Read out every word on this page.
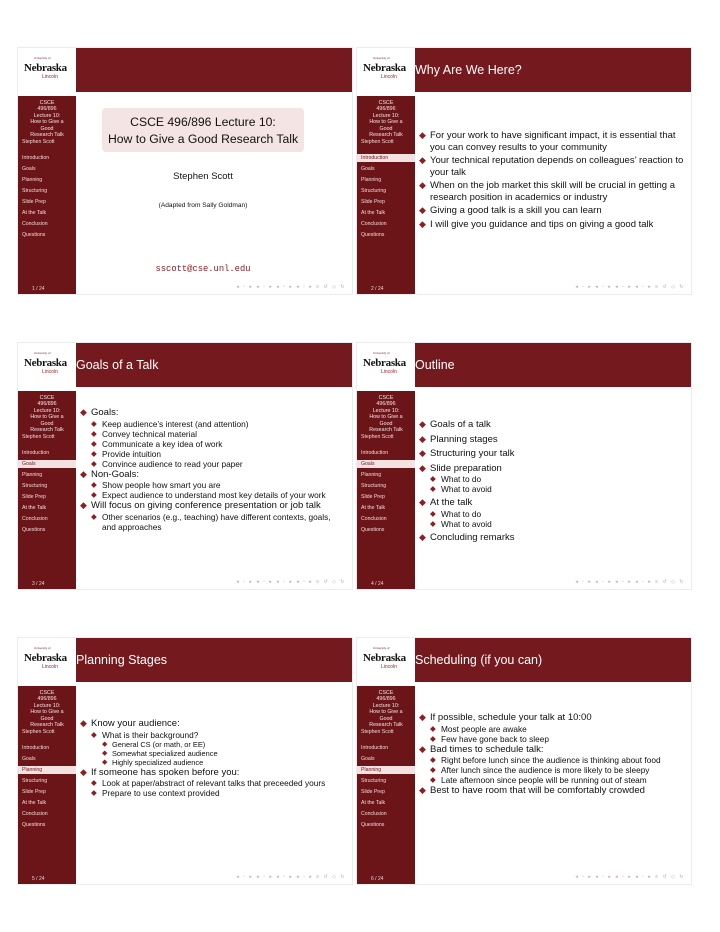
University of
Nebraska
Lincoln
CSCE
496/896
Lecture 10:
How to Give a
Good
Research Talk
Stephen Scott
Introduction
Goals
Planning
Structuring
Slide Prep
At the Talk
Conclusion
Questions
1 / 24
CSCE 496/896 Lecture 10:
How to Give a Good Research Talk
Stephen Scott
(Adapted from Sally Goldman)
sscott@cse.unl.edu
◂ ▫ ▸ ◂ ▫ ▸ ◂ ▫ ▸ ◂ ▫ ▸ ≡ ↺ ◇ ↻
University of
Nebraska
Lincoln
CSCE
496/896
Lecture 10:
How to Give a
Good
Research Talk
Stephen Scott
Introduction
Goals
Planning
Structuring
Slide Prep
At the Talk
Conclusion
Questions
2 / 24
Why Are We Here?
◆ For your work to have significant impact, it is essential that you can convey results to your community
◆ Your technical reputation depends on colleagues’ reaction to your talk
◆ When on the job market this skill will be crucial in getting a research position in academics or industry
◆ Giving a good talk is a skill you can learn
◆ I will give you guidance and tips on giving a good talk
◂ ▫ ▸ ◂ ▫ ▸ ◂ ▫ ▸ ◂ ▫ ▸ ≡ ↺ ◇ ↻
University of
Nebraska
Lincoln
CSCE
496/896
Lecture 10:
How to Give a
Good
Research Talk
Stephen Scott
Introduction
Goals
Planning
Structuring
Slide Prep
At the Talk
Conclusion
Questions
3 / 24
Goals of a Talk
◆ Goals:
◆ Keep audience’s interest (and attention)
◆ Convey technical material
◆ Communicate a key idea of work
◆ Provide intuition
◆ Convince audience to read your paper
◆ Non-Goals:
◆ Show people how smart you are
◆ Expect audience to understand most key details of your work
◆ Will focus on giving conference presentation or job talk
◆ Other scenarios (e.g., teaching) have different contexts, goals, and approaches
◂ ▫ ▸ ◂ ▫ ▸ ◂ ▫ ▸ ◂ ▫ ▸ ≡ ↺ ◇ ↻
University of
Nebraska
Lincoln
CSCE
496/896
Lecture 10:
How to Give a
Good
Research Talk
Stephen Scott
Introduction
Goals
Planning
Structuring
Slide Prep
At the Talk
Conclusion
Questions
4 / 24
Outline
◆ Goals of a talk
◆ Planning stages
◆ Structuring your talk
◆ Slide preparation
◆ What to do
◆ What to avoid
◆ At the talk
◆ What to do
◆ What to avoid
◆ Concluding remarks
◂ ▫ ▸ ◂ ▫ ▸ ◂ ▫ ▸ ◂ ▫ ▸ ≡ ↺ ◇ ↻
University of
Nebraska
Lincoln
CSCE
496/896
Lecture 10:
How to Give a
Good
Research Talk
Stephen Scott
Introduction
Goals
Planning
Structuring
Slide Prep
At the Talk
Conclusion
Questions
5 / 24
Planning Stages
◆ Know your audience:
◆ What is their background?
◆ General CS (or math, or EE)
◆ Somewhat specialized audience
◆ Highly specialized audience
◆ If someone has spoken before you:
◆ Look at paper/abstract of relevant talks that preceeded yours
◆ Prepare to use context provided
◂ ▫ ▸ ◂ ▫ ▸ ◂ ▫ ▸ ◂ ▫ ▸ ≡ ↺ ◇ ↻
University of
Nebraska
Lincoln
CSCE
496/896
Lecture 10:
How to Give a
Good
Research Talk
Stephen Scott
Introduction
Goals
Planning
Structuring
Slide Prep
At the Talk
Conclusion
Questions
6 / 24
Scheduling (if you can)
◆ If possible, schedule your talk at 10:00
◆ Most people are awake
◆ Few have gone back to sleep
◆ Bad times to schedule talk:
◆ Right before lunch since the audience is thinking about food
◆ After lunch since the audience is more likely to be sleepy
◆ Late afternoon since people will be running out of steam
◆ Best to have room that will be comfortably crowded
◂ ▫ ▸ ◂ ▫ ▸ ◂ ▫ ▸ ◂ ▫ ▸ ≡ ↺ ◇ ↻
